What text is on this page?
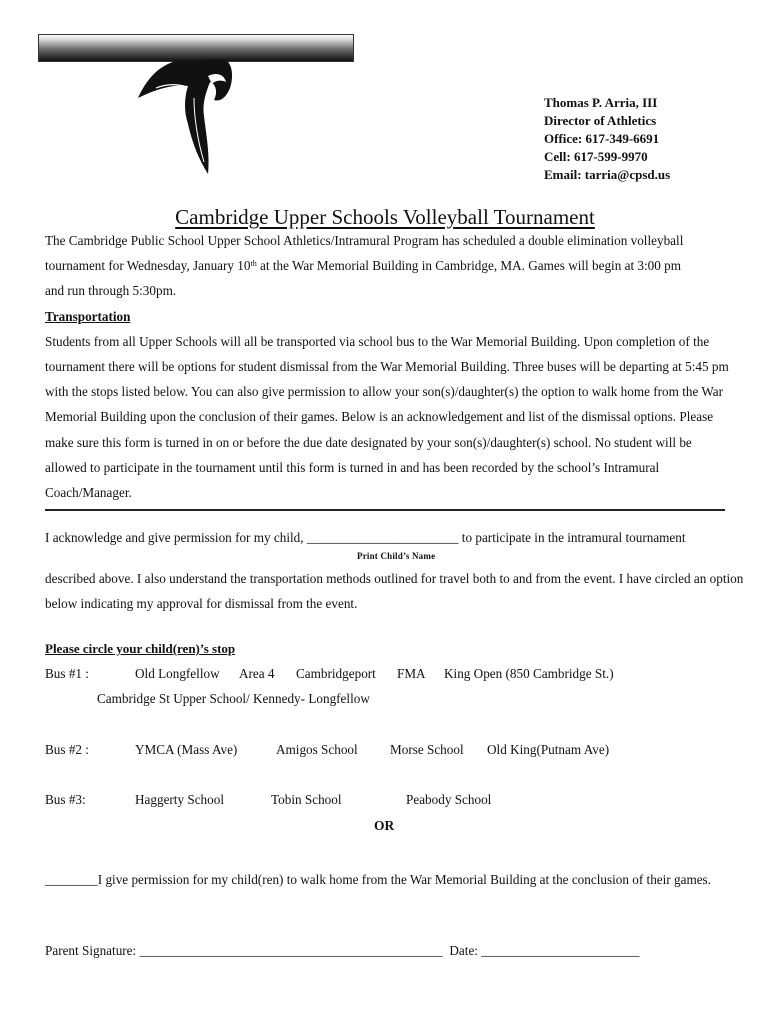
Thomas P. Arria, III
Director of Athletics
Office: 617-349-6691
Cell: 617-599-9970
Email: tarria@cpsd.us
Cambridge Upper Schools Volleyball Tournament

The Cambridge Public School Upper School Athletics/Intramural Program has scheduled a double elimination volleyball

tournament for Wednesday, January 10th at the War Memorial Building in Cambridge, MA. Games will begin at 3:00 pm

and run through 5:30pm.

Transportation

Students from all Upper Schools will all be transported via school bus to the War Memorial Building. Upon completion of the tournament there will be options for student dismissal from the War Memorial Building. Three buses will be departing at 5:45 pm with the stops listed below. You can also give permission to allow your son(s)/daughter(s) the option to walk home from the War Memorial Building upon the conclusion of their games. Below is an acknowledgement and list of the dismissal options. Please make sure this form is turned in on or before the due date designated by your son(s)/daughter(s) school. No student will be allowed to participate in the tournament until this form is turned in and has been recorded by the school’s Intramural Coach/Manager.

I acknowledge and give permission for my child, _______________________ to participate in the intramural tournament
Print Child’s Name
described above. I also understand the transportation methods outlined for travel both to and from the event. I have circled an option below indicating my approval for dismissal from the event.
Please circle your child(ren)’s stop
Bus #1 :	Old Longfellow Area 4 Cambridgeport FMA King Open (850 Cambridge St.)
Cambridge St Upper School/ Kennedy- Longfellow
Bus #2 :	YMCA (Mass Ave)	Amigos School Morse School Old King(Putnam Ave)
Bus #3:	Haggerty School	Tobin School	Peabody School
OR
________I give permission for my child(ren) to walk home from the War Memorial Building at the conclusion of their games.
Parent Signature: ______________________________________________ Date: ________________________
